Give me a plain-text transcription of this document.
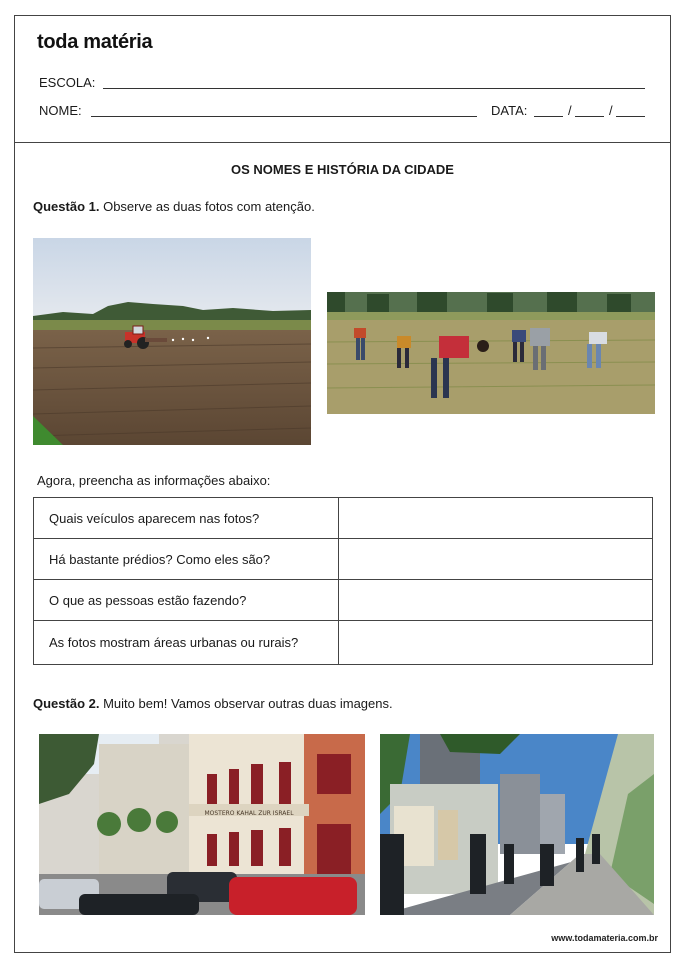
toda matéria
ESCOLA:
NOME:	DATA:	/	/
OS NOMES E HISTÓRIA DA CIDADE
Questão 1. Observe as duas fotos com atenção.
Agora, preencha as informações abaixo:
Quais veículos aparecem nas fotos?	
Há bastante prédios? Como eles são?	
O que as pessoas estão fazendo?	
As fotos mostram áreas urbanas ou rurais?	
Questão 2. Muito bem! Vamos observar outras duas imagens.
MOSTERO KAHAL ZUR ISRAEL
www.todamateria.com.br
